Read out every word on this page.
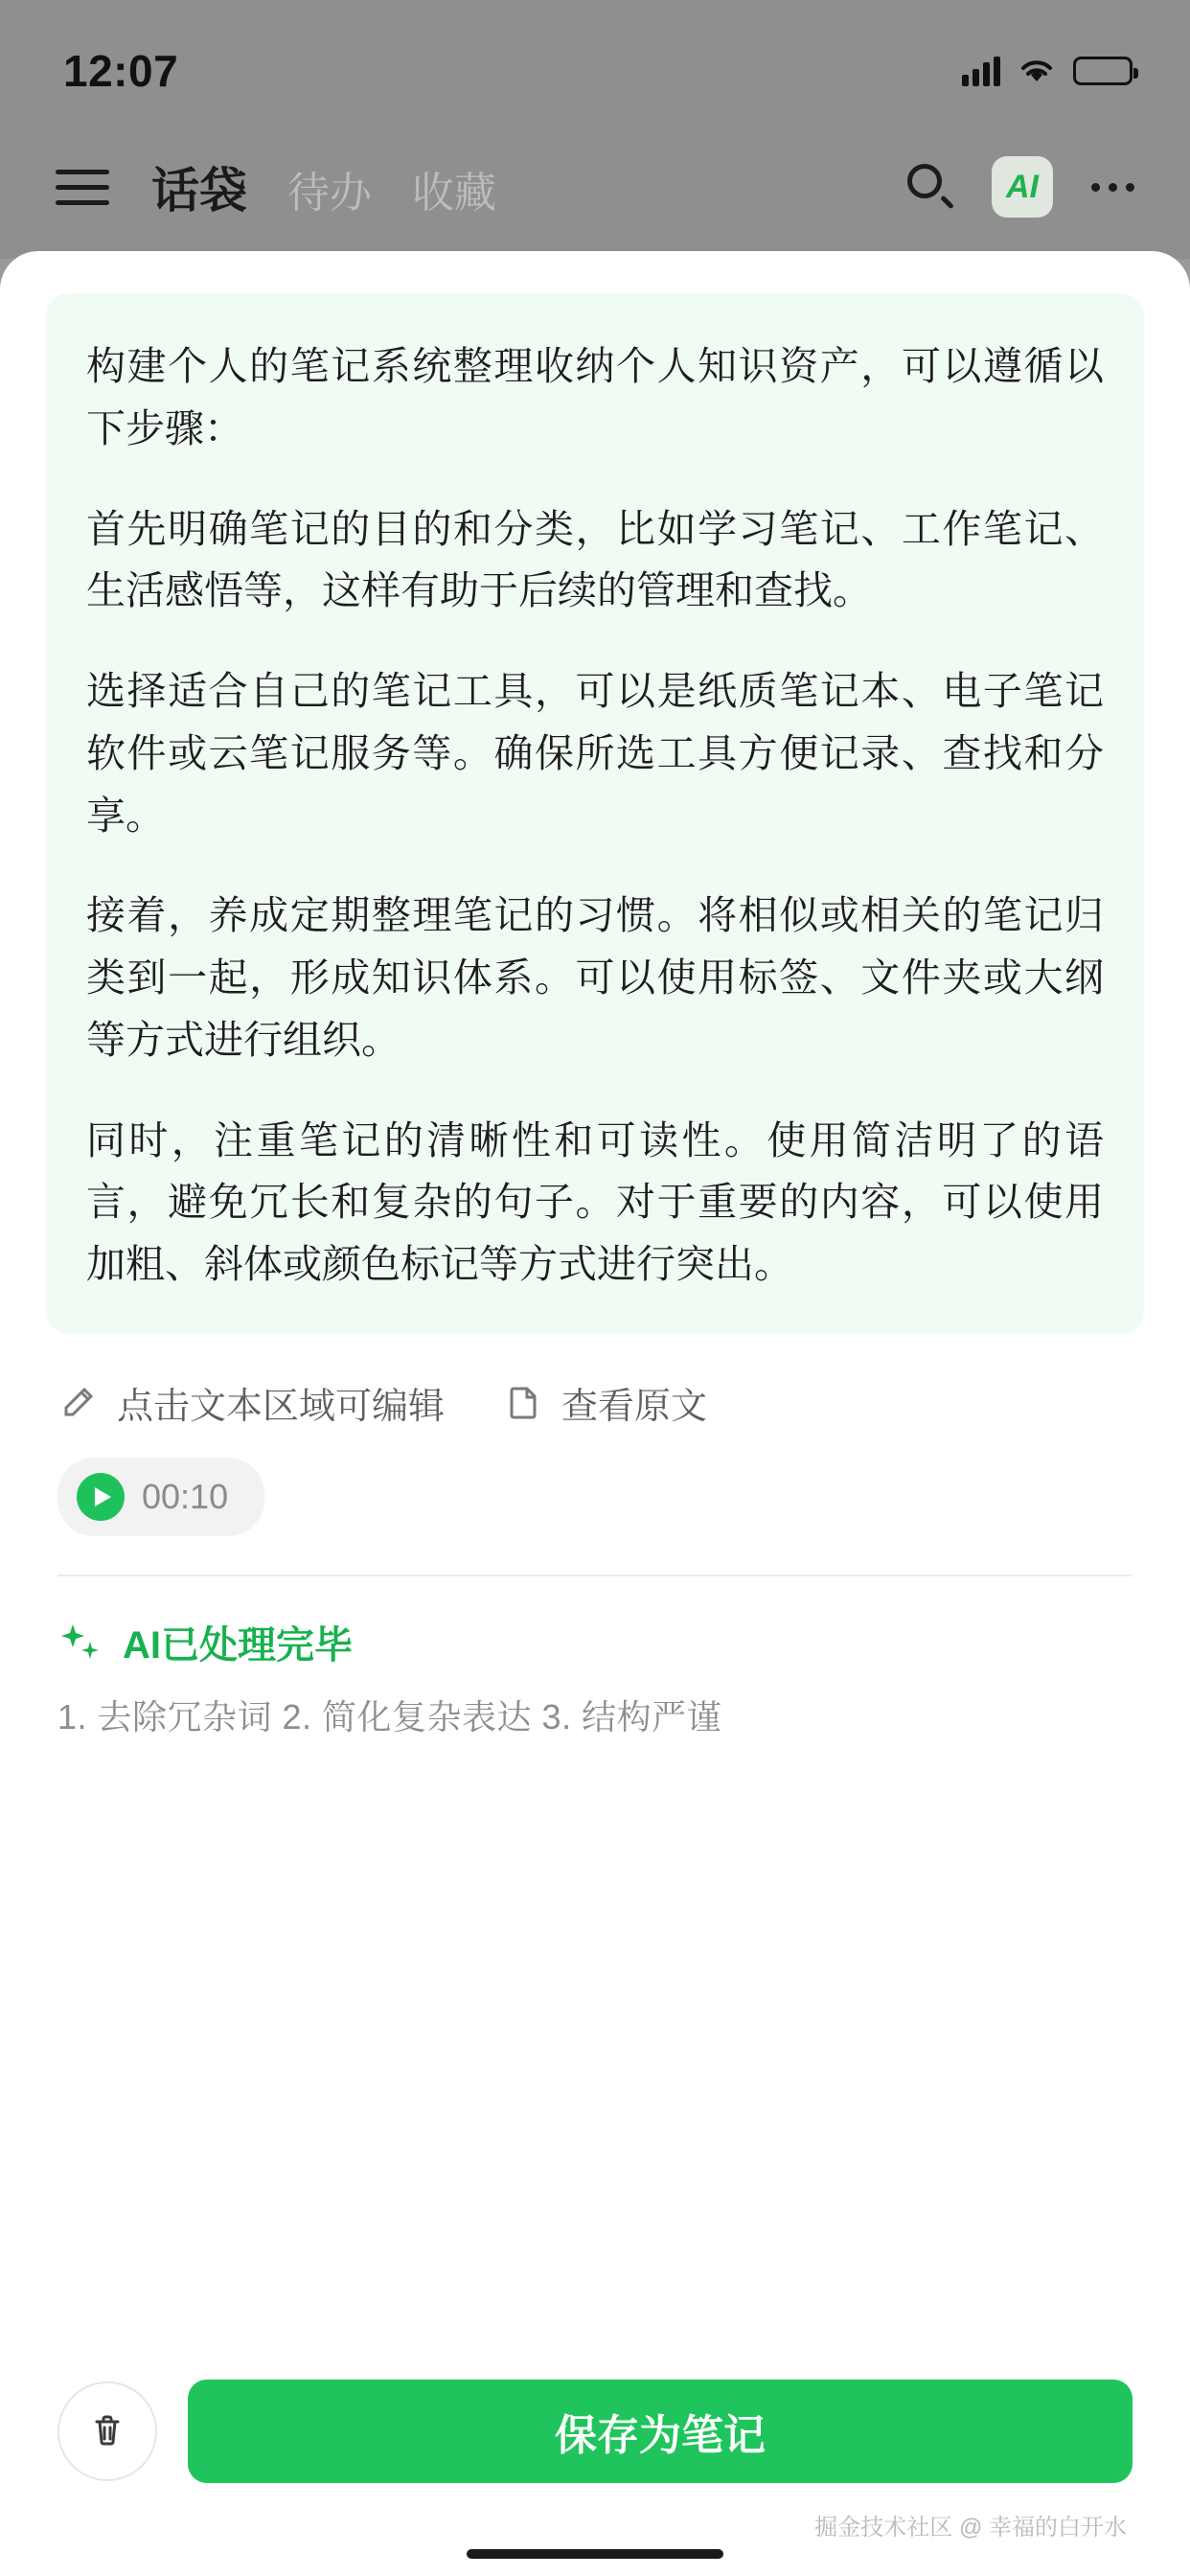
12:07
话袋 待办 收藏	AI

构建个人的笔记系统整理收纳个人知识资产，可以遵循以下步骤：

首先明确笔记的目的和分类，比如学习笔记、工作笔记、生活感悟等，这样有助于后续的管理和查找。

选择适合自己的笔记工具，可以是纸质笔记本、电子笔记软件或云笔记服务等。确保所选工具方便记录、查找和分享。

接着，养成定期整理笔记的习惯。将相似或相关的笔记归类到一起，形成知识体系。可以使用标签、文件夹或大纲等方式进行组织。

同时，注重笔记的清晰性和可读性。使用简洁明了的语言，避免冗长和复杂的句子。对于重要的内容，可以使用加粗、斜体或颜色标记等方式进行突出。

点击文本区域可编辑	查看原文
00:10
AI已处理完毕
1. 去除冗杂词 2. 简化复杂表达 3. 结构严谨
保存为笔记
掘金技术社区 @ 幸福的白开水
